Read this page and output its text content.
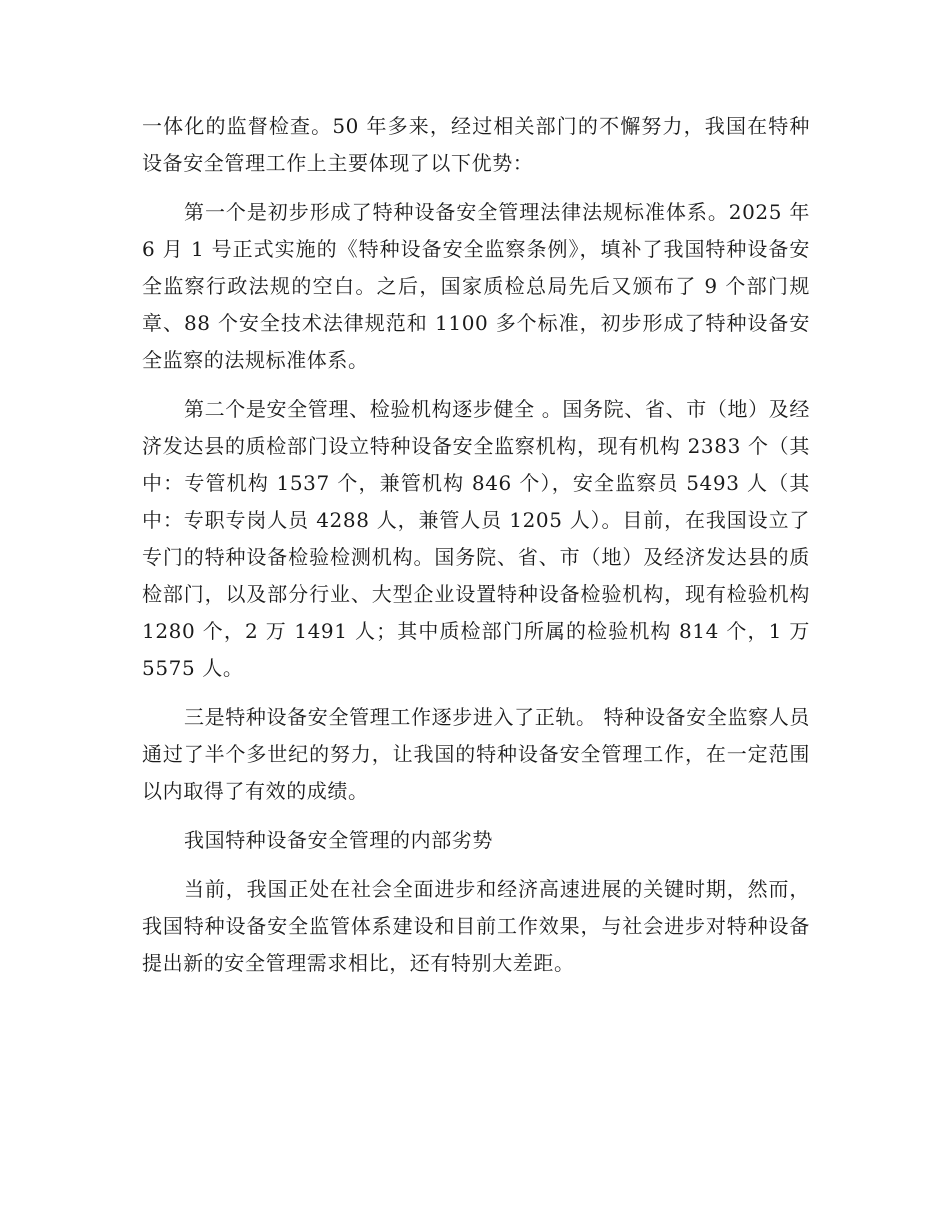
一体化的监督检查。50 年多来，经过相关部门的不懈努力，我国在特种设备安全管理工作上主要体现了以下优势：

第一个是初步形成了特种设备安全管理法律法规标准体系。2025 年 6 月 1 号正式实施的《特种设备安全监察条例》，填补了我国特种设备安全监察行政法规的空白。之后，国家质检总局先后又颁布了 9 个部门规章、88 个安全技术法律规范和 1100 多个标准，初步形成了特种设备安全监察的法规标准体系。

第二个是安全管理、检验机构逐步健全 。国务院、省、市（地）及经济发达县的质检部门设立特种设备安全监察机构，现有机构 2383 个（其中：专管机构 1537 个，兼管机构 846 个），安全监察员 5493 人（其中：专职专岗人员 4288 人，兼管人员 1205 人）。目前，在我国设立了专门的特种设备检验检测机构。国务院、省、市（地）及经济发达县的质检部门，以及部分行业、大型企业设置特种设备检验机构，现有检验机构 1280 个，2 万 1491 人；其中质检部门所属的检验机构 814 个，1 万 5575 人。

三是特种设备安全管理工作逐步进入了正轨。 特种设备安全监察人员通过了半个多世纪的努力，让我国的特种设备安全管理工作，在一定范围以内取得了有效的成绩。

我国特种设备安全管理的内部劣势

当前，我国正处在社会全面进步和经济高速进展的关键时期，然而，我国特种设备安全监管体系建设和目前工作效果，与社会进步对特种设备提出新的安全管理需求相比，还有特别大差距。
